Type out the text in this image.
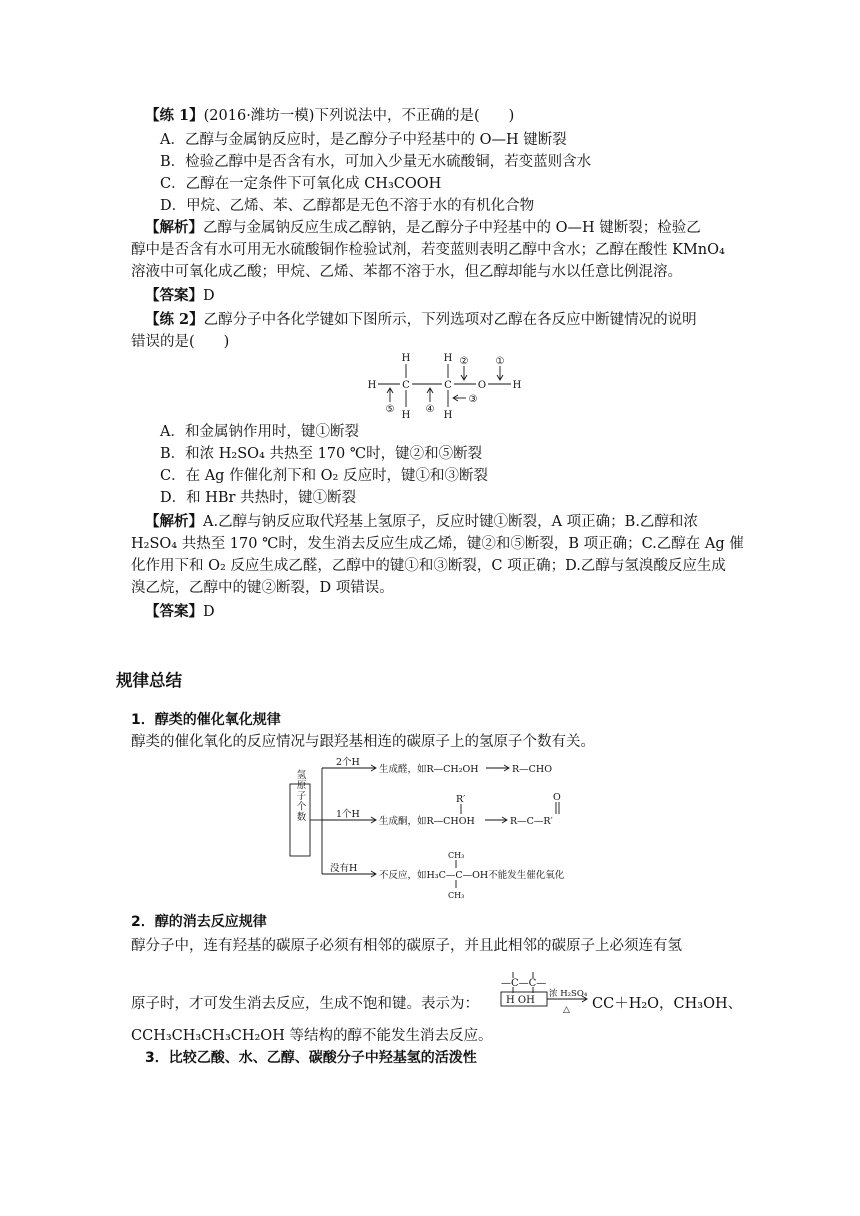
【练 1】(2016·潍坊一模)下列说法中，不正确的是(　　)
A．乙醇与金属钠反应时，是乙醇分子中羟基中的 O—H 键断裂
B．检验乙醇中是否含有水，可加入少量无水硫酸铜，若变蓝则含水
C．乙醇在一定条件下可氧化成 CH₃COOH
D．甲烷、乙烯、苯、乙醇都是无色不溶于水的有机化合物
【解析】乙醇与金属钠反应生成乙醇钠，是乙醇分子中羟基中的 O—H 键断裂；检验乙
醇中是否含有水可用无水硫酸铜作检验试剂，若变蓝则表明乙醇中含水；乙醇在酸性 KMnO₄
溶液中可氧化成乙酸；甲烷、乙烯、苯都不溶于水，但乙醇却能与水以任意比例混溶。
【答案】D
【练 2】乙醇分子中各化学键如下图所示，下列选项对乙醇在各反应中断键情况的说明
错误的是(　　)
H	H
H	C	C	O	H
H	H
①
②
③
④
⑤
A．和金属钠作用时，键①断裂
B．和浓 H₂SO₄ 共热至 170 ℃时，键②和⑤断裂
C．在 Ag 作催化剂下和 O₂ 反应时，键①和③断裂
D．和 HBr 共热时，键①断裂
【解析】A.乙醇与钠反应取代羟基上氢原子，反应时键①断裂，A 项正确；B.乙醇和浓
H₂SO₄ 共热至 170 ℃时，发生消去反应生成乙烯，键②和⑤断裂，B 项正确；C.乙醇在 Ag 催
化作用下和 O₂ 反应生成乙醛，乙醇中的键①和③断裂，C 项正确；D.乙醇与氢溴酸反应生成
溴乙烷，乙醇中的键②断裂，D 项错误。
【答案】D
规律总结
1．醇类的催化氧化规律
醇类的催化氧化的反应情况与跟羟基相连的碳原子上的氢原子个数有关。
氢原子个数
2个H
生成醛，如R—CH₂OH	R—CHO
1个H
R′
生成酮，如R—CHOH
O
R—C—R′
没有H
CH₃
不反应，如H₃C—C—OH不能发生催化氧化
CH₃
2．醇的消去反应规律
醇分子中，连有羟基的碳原子必须有相邻的碳原子，并且此相邻的碳原子上必须连有氢
原子时，才可发生消去反应，生成不饱和键。表示为：
—C—C—
H OH
浓 H₂SO₄
△ CC＋H₂O，CH₃OH、
CCH₃CH₃CH₃CH₂OH 等结构的醇不能发生消去反应。
3．比较乙酸、水、乙醇、碳酸分子中羟基氢的活泼性
